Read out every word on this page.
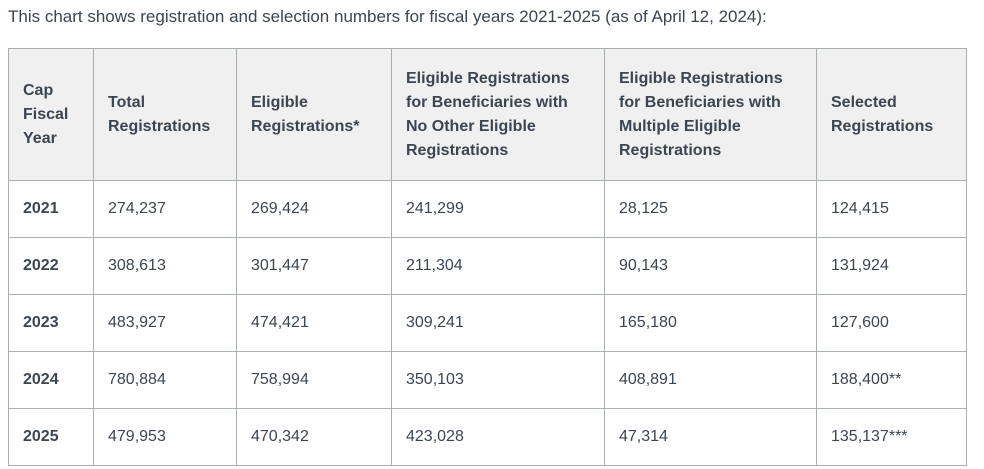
This chart shows registration and selection numbers for fiscal years 2021-2025 (as of April 12, 2024):

Cap Fiscal Year	Total Registrations	Eligible Registrations*	Eligible Registrations for Beneficiaries with No Other Eligible Registrations	Eligible Registrations for Beneficiaries with Multiple Eligible Registrations	Selected Registrations
2021	274,237	269,424	241,299	28,125	124,415
2022	308,613	301,447	211,304	90,143	131,924
2023	483,927	474,421	309,241	165,180	127,600
2024	780,884	758,994	350,103	408,891	188,400**
2025	479,953	470,342	423,028	47,314	135,137***
